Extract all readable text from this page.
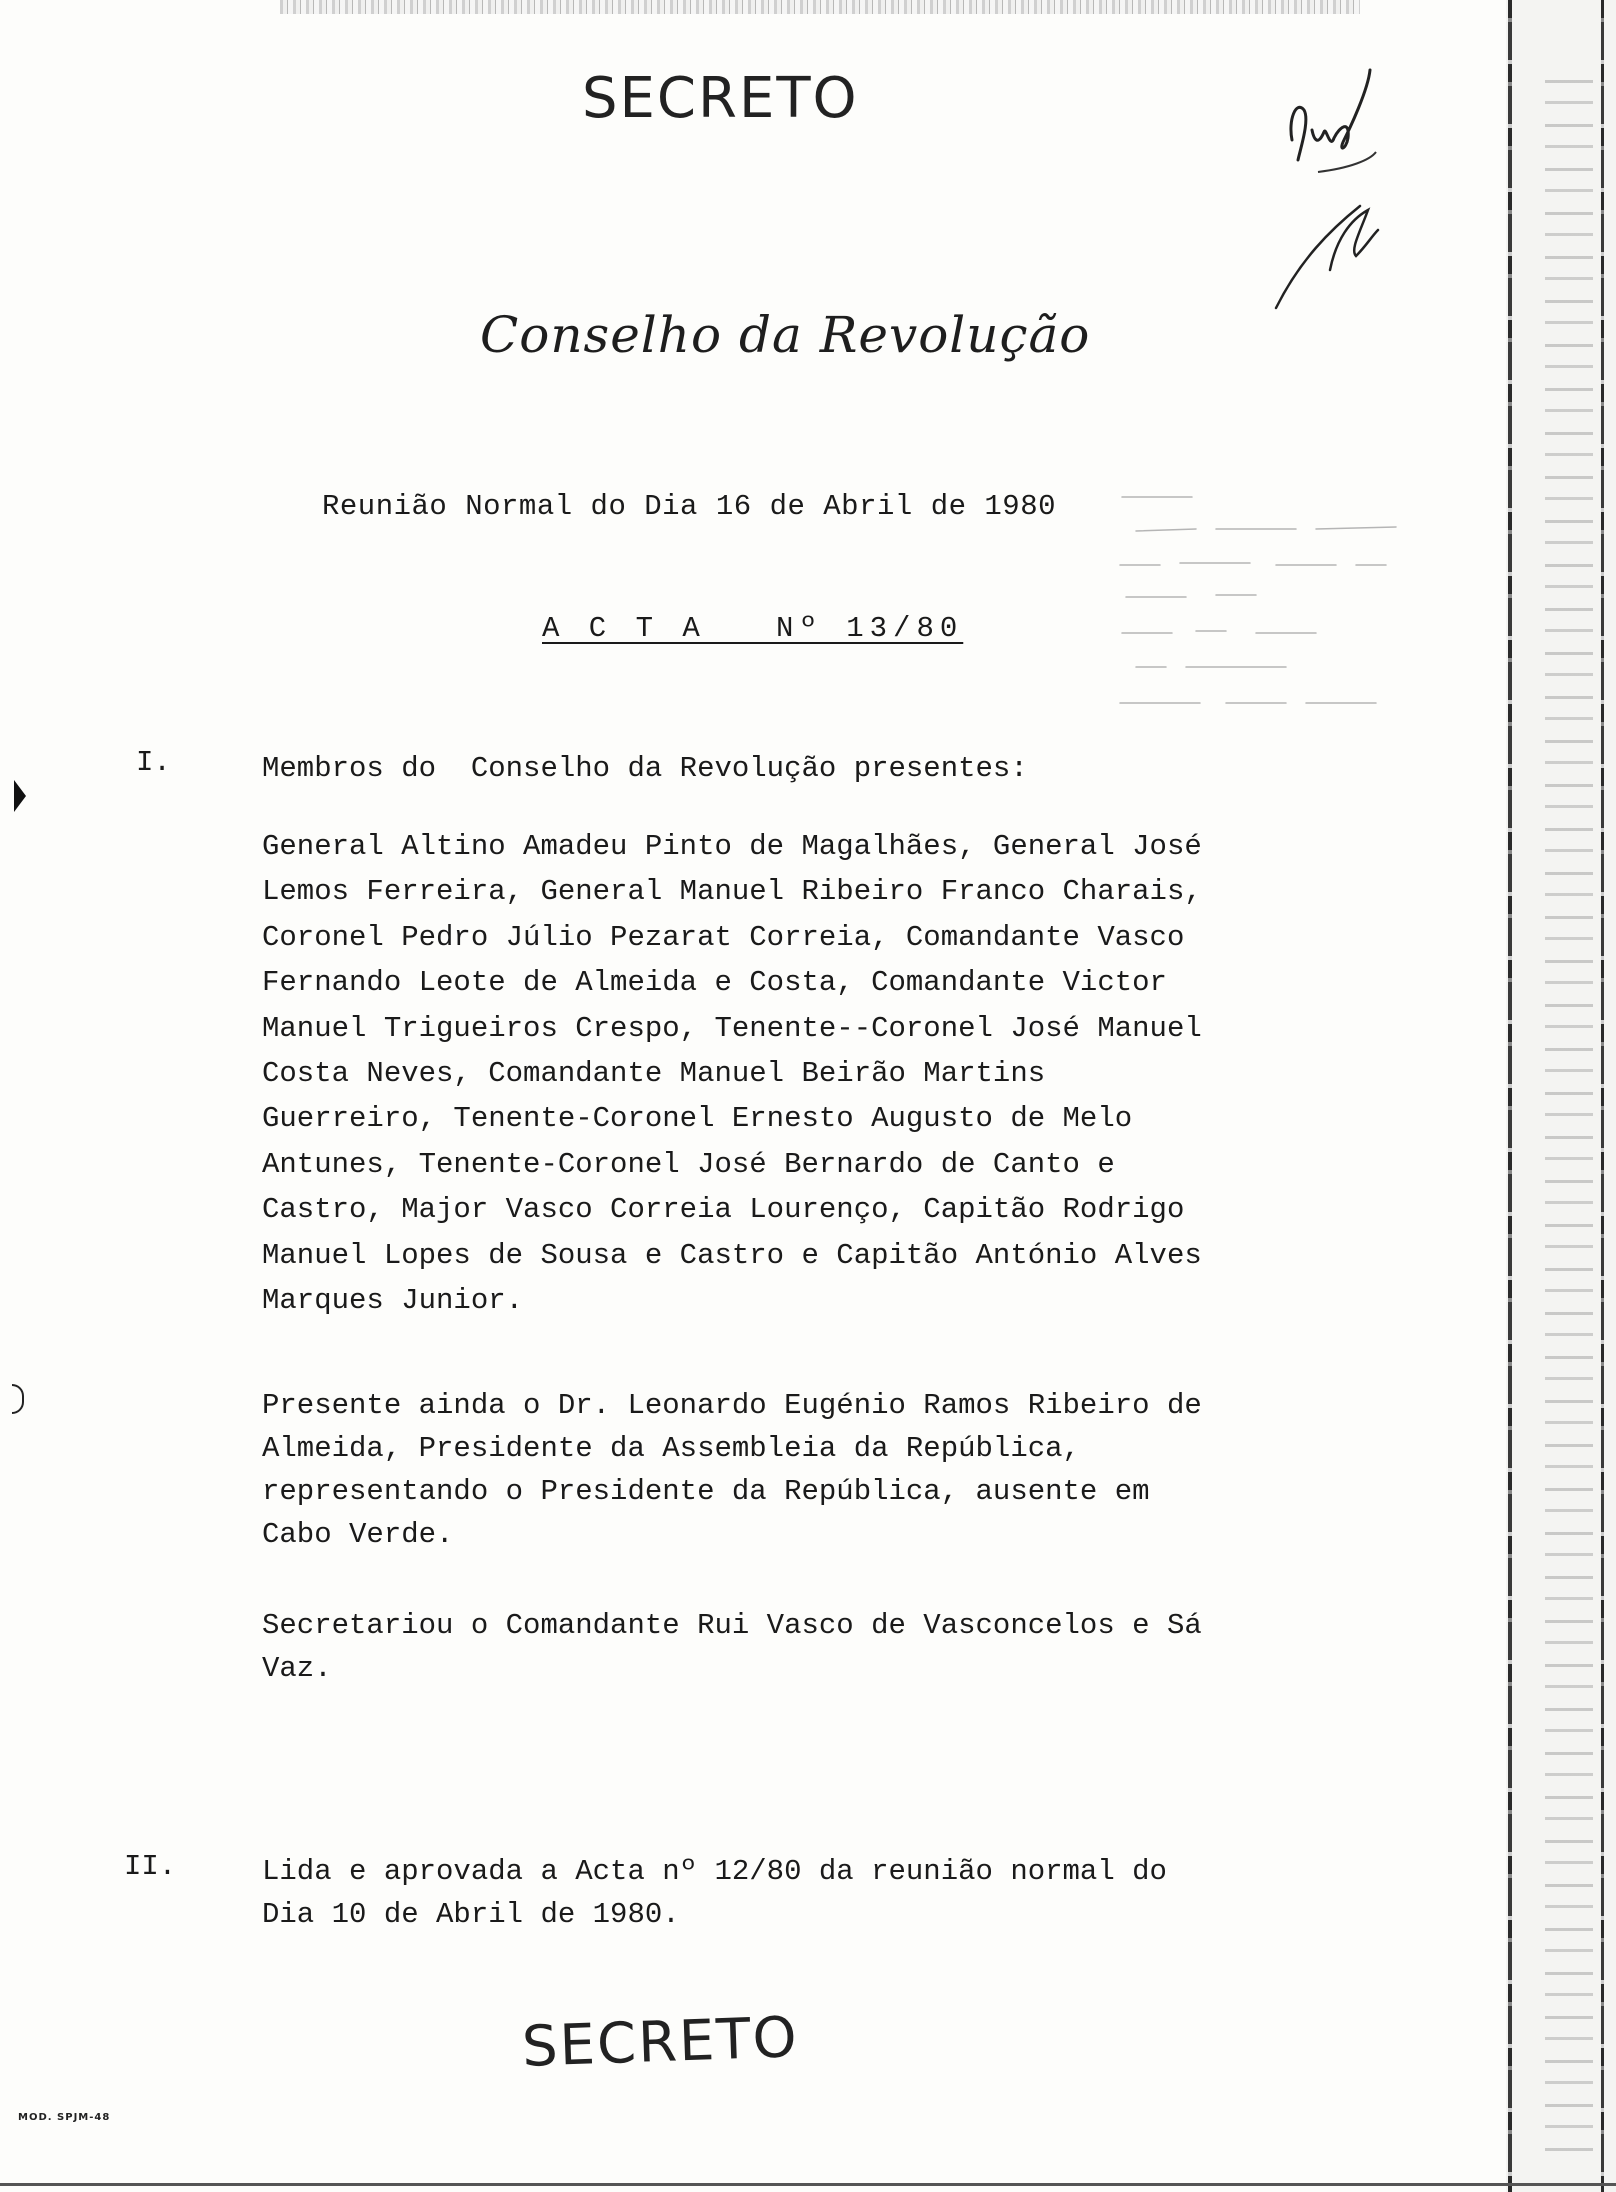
SECRETO
Conselho da Revolução
Reunião Normal do Dia 16 de Abril de 1980
A C T A   Nº 13/80
I.	Membros do  Conselho da Revolução presentes:

General Altino Amadeu Pinto de Magalhães, General José Lemos Ferreira, General Manuel Ribeiro Franco Charais, Coronel Pedro Júlio Pezarat Correia, Comandante Vasco Fernando Leote de Almeida e Costa, Comandante Victor Manuel Trigueiros Crespo, Tenente--Coronel José Manuel Costa Neves, Comandante Manuel Beirão Martins Guerreiro, Tenente-Coronel Ernesto Augusto de Melo Antunes, Tenente-Coronel José Bernardo de Canto e Castro, Major Vasco Correia Lourenço, Capitão Rodrigo Manuel Lopes de Sousa e Castro e Capitão António Alves Marques Junior.

Presente ainda o Dr. Leonardo Eugénio Ramos Ribeiro de Almeida, Presidente da Assembleia da República, representando o Presidente da República, ausente em Cabo Verde.

Secretariou o Comandante Rui Vasco de Vasconcelos e Sá Vaz.

II.	Lida e aprovada a Acta nº 12/80 da reunião normal do Dia 10 de Abril de 1980.

SECRETO
MOD. SPJM-48
